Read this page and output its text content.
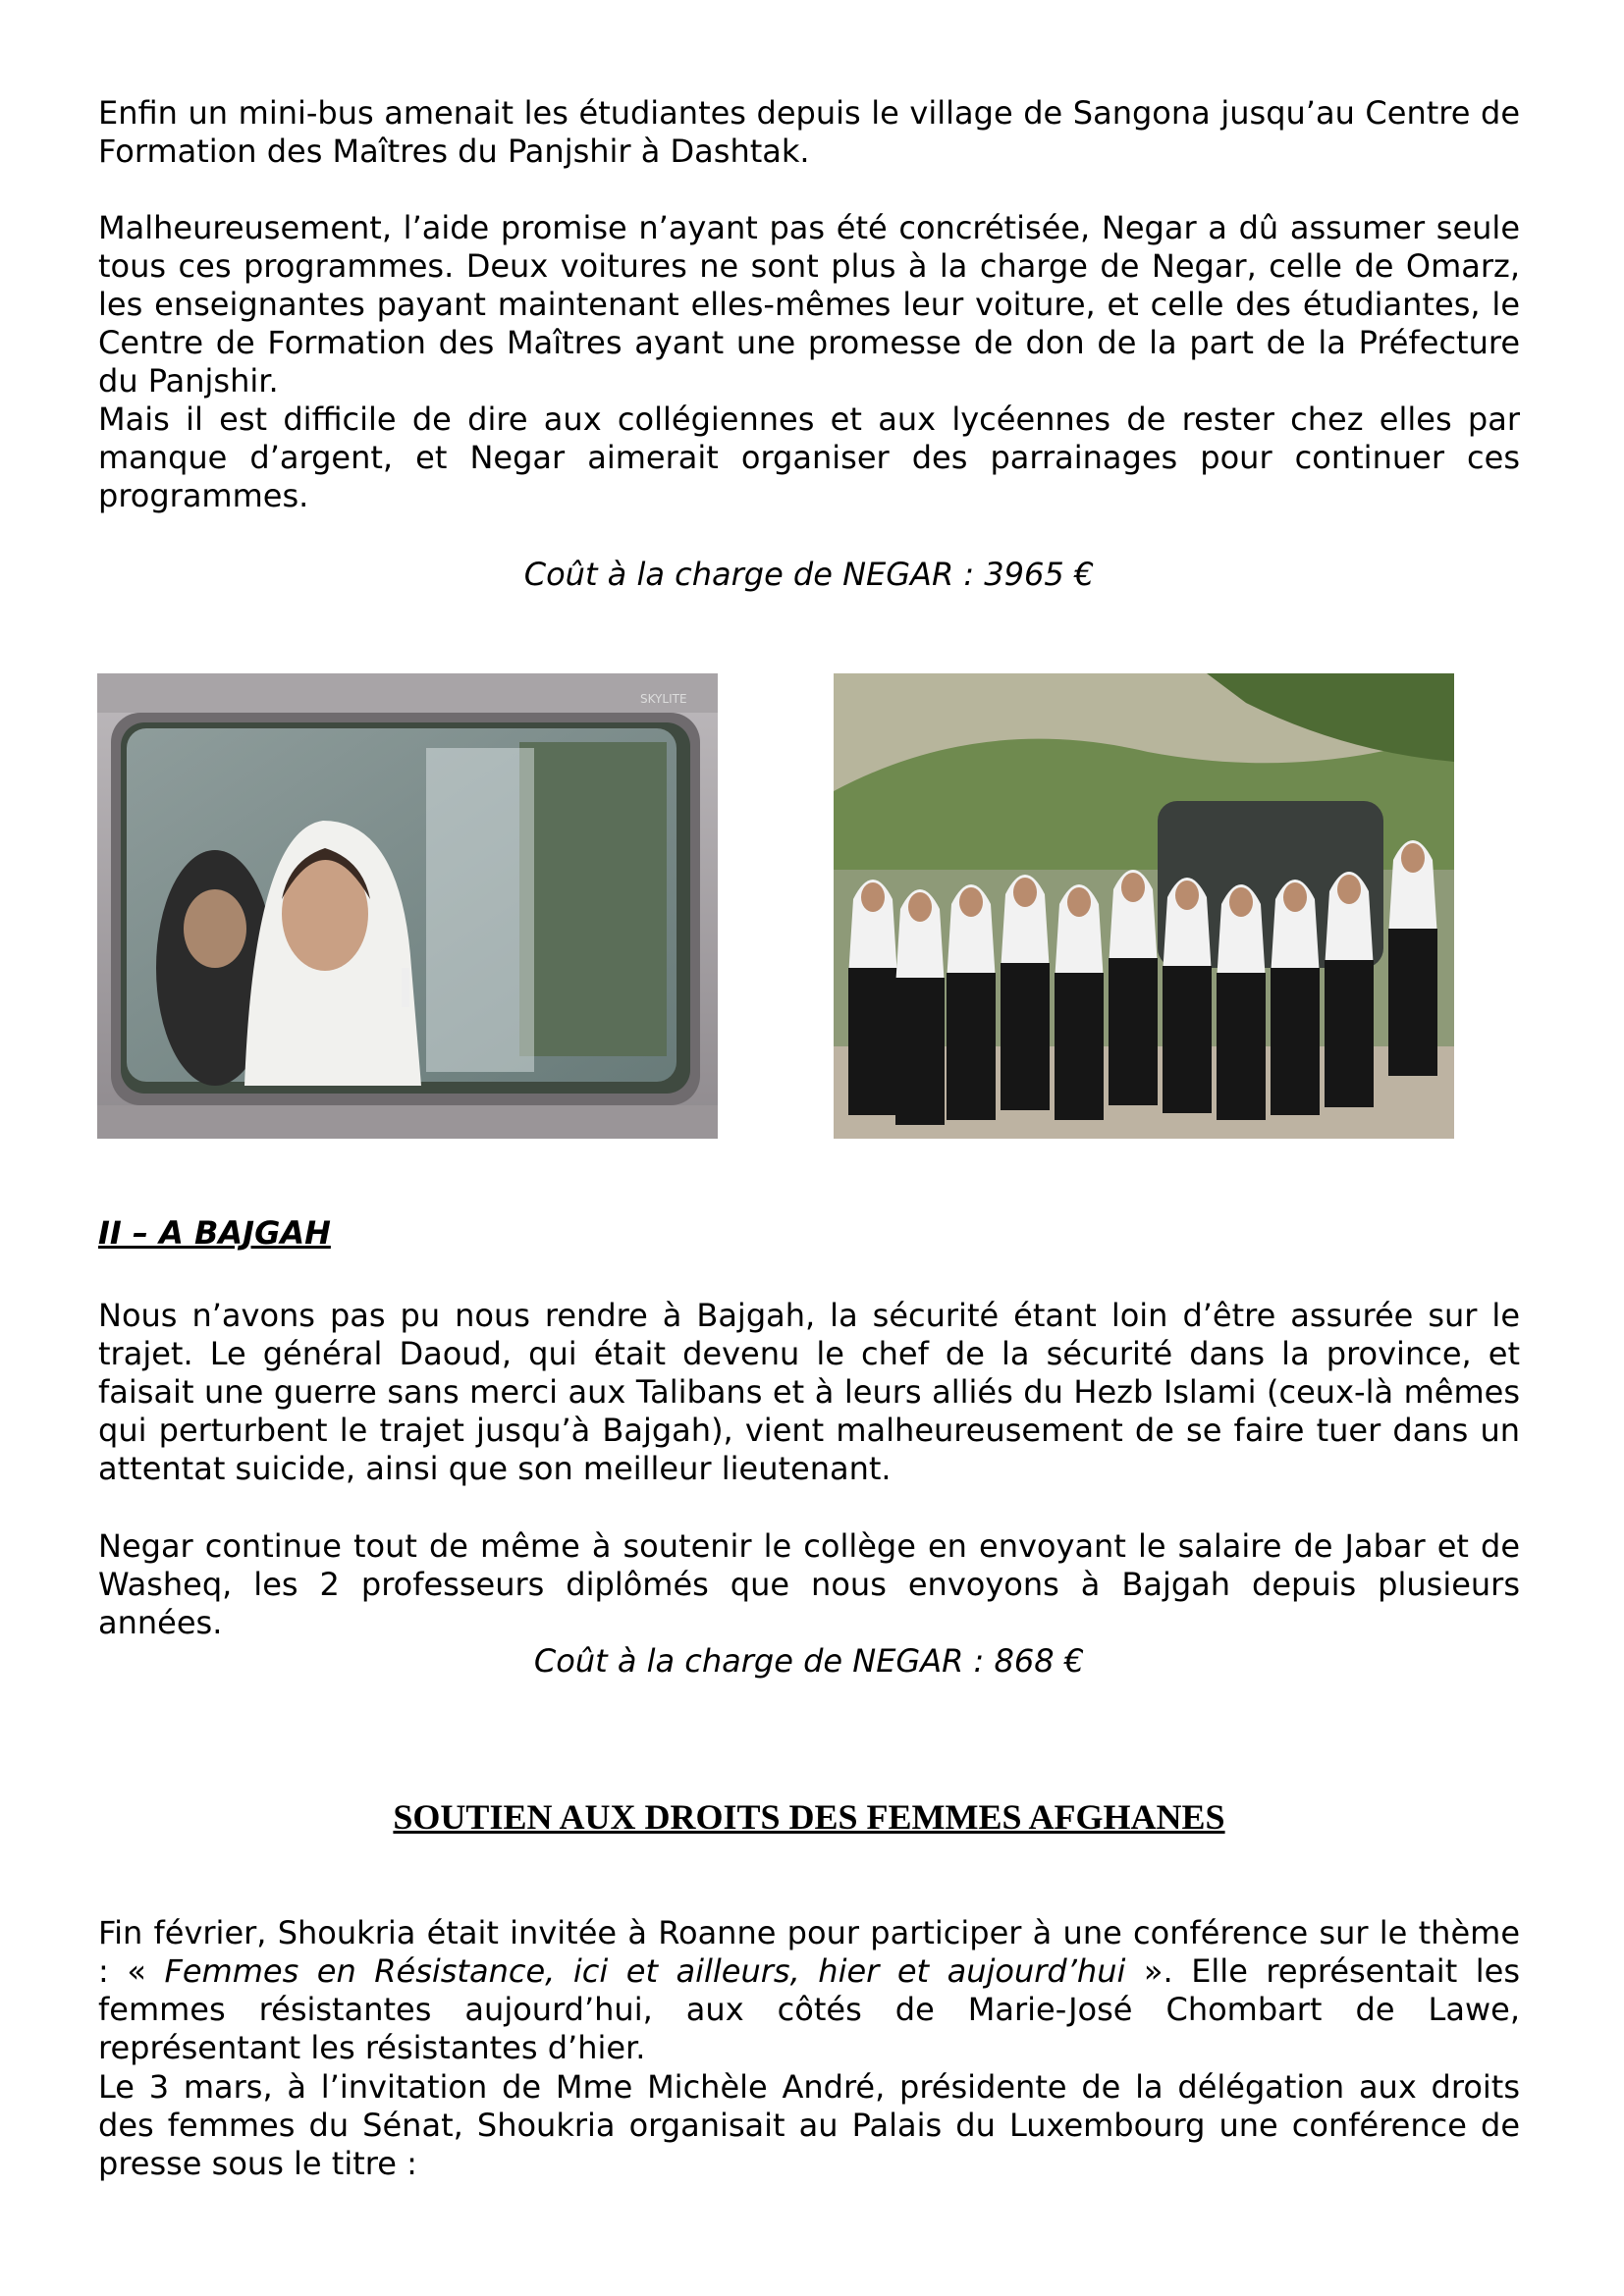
Enfin un mini-bus amenait les étudiantes depuis le village de Sangona jusqu’au Centre de Formation des Maîtres du Panjshir à Dashtak.

Malheureusement, l’aide promise n’ayant pas été concrétisée, Negar a dû assumer seule tous ces programmes. Deux voitures ne sont plus à la charge de Negar, celle de Omarz, les enseignantes payant maintenant elles-mêmes leur voiture, et celle des étudiantes, le Centre de Formation des Maîtres ayant une promesse de don de la part de la Préfecture du Panjshir.

Mais il est difficile de dire aux collégiennes et aux lycéennes de rester chez elles par manque d’argent, et Negar aimerait organiser des parrainages pour continuer ces programmes.

Coût à la charge de NEGAR : 3965 €
SKYLITE
II – A BAJGAH

Nous n’avons pas pu nous rendre à Bajgah, la sécurité étant loin d’être assurée sur le trajet. Le général Daoud, qui était devenu le chef de la sécurité dans la province, et faisait une guerre sans merci aux Talibans et à leurs alliés du Hezb Islami (ceux-là mêmes qui perturbent le trajet jusqu’à Bajgah), vient malheureusement de se faire tuer dans un attentat suicide, ainsi que son meilleur lieutenant.

Negar continue tout de même à soutenir le collège en envoyant le salaire de Jabar et de Washeq, les 2 professeurs diplômés que nous envoyons à Bajgah depuis plusieurs années.

Coût à la charge de NEGAR : 868 €
SOUTIEN AUX DROITS DES FEMMES AFGHANES

Fin février, Shoukria était invitée à Roanne pour participer à une conférence sur le thème : « Femmes en Résistance, ici et ailleurs, hier et aujourd’hui ». Elle représentait les femmes résistantes aujourd’hui, aux côtés de Marie-José Chombart de Lawe, représentant les résistantes d’hier.

Le 3 mars, à l’invitation de Mme Michèle André, présidente de la délégation aux droits des femmes du Sénat, Shoukria organisait au Palais du Luxembourg une conférence de presse sous le titre :
